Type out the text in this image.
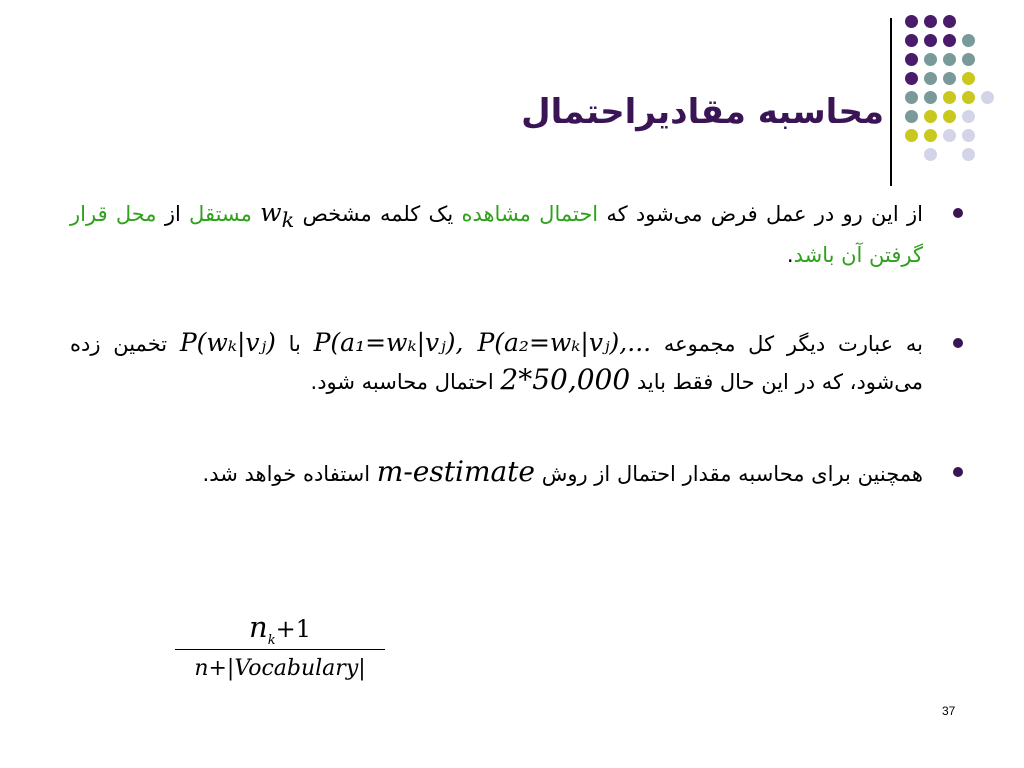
محاسبه مقادیراحتمال
از این رو در عمل فرض می‌شود که احتمال مشاهده یک کلمه مشخص $w_k$ مستقل از محل قرار گرفتن آن باشد.
به عبارت دیگر کل مجموعه P(a₁=wₖ|vⱼ), P(a₂=wₖ|vⱼ),... با P(wₖ|vⱼ) تخمین زده می‌شود، که در این حال فقط باید 2*50,000 احتمال محاسبه شود.
همچنین برای محاسبه مقدار احتمال از روش m-estimate استفاده خواهد شد.
$n_k+1$
n+|Vocabulary|
37
